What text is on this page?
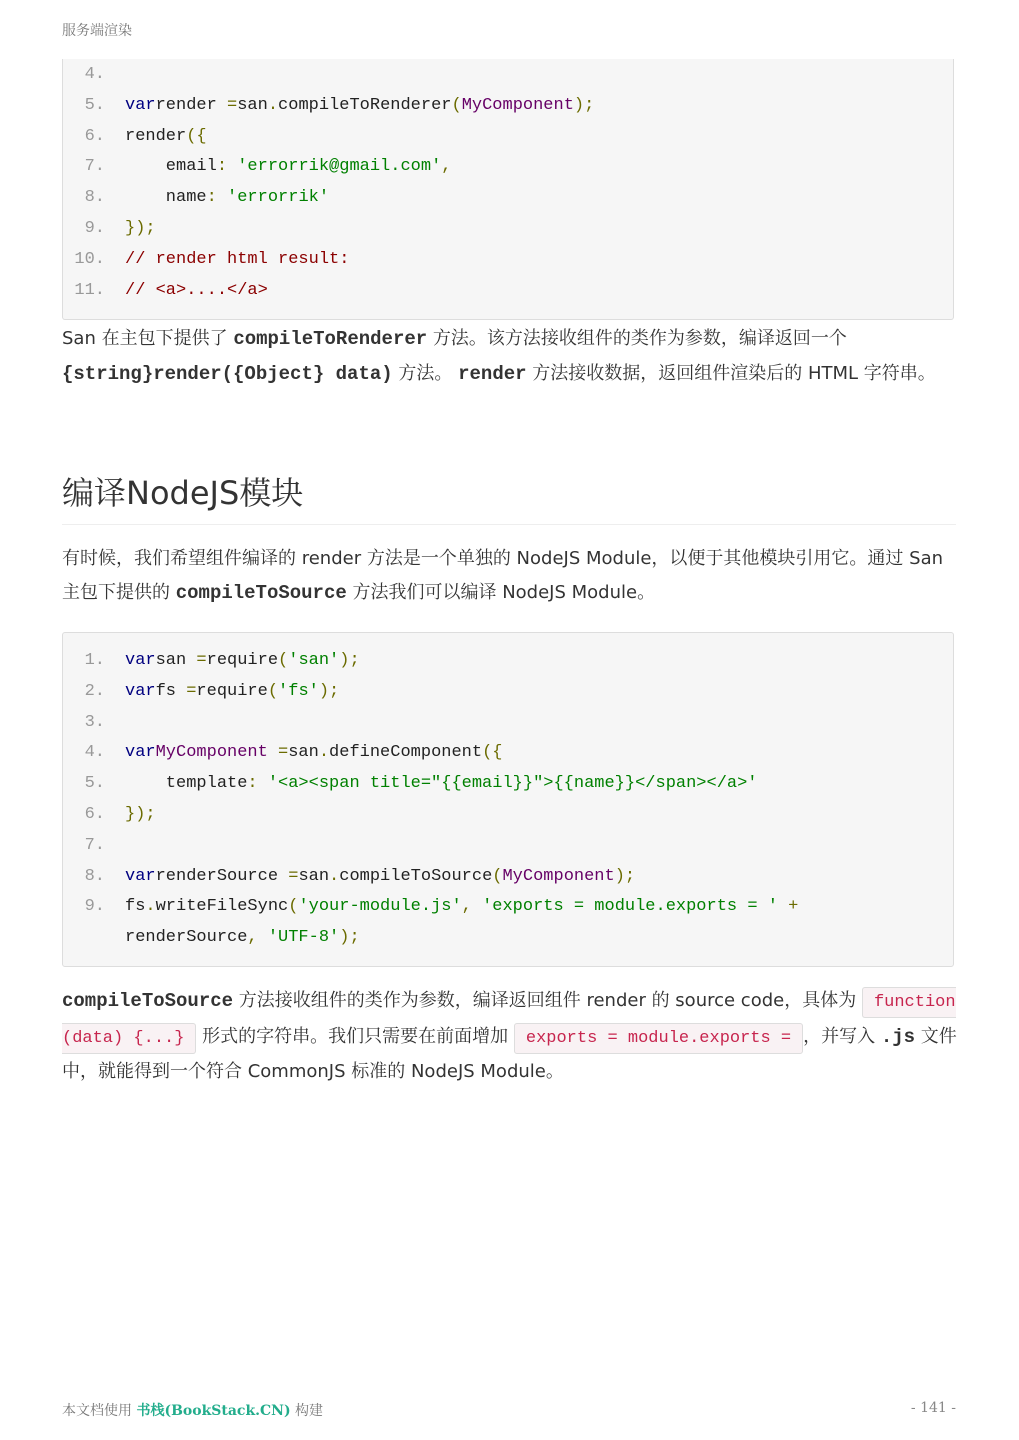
服务端渲染
4.
5. varrender =san.compileToRenderer(MyComponent);
6. render({
7. email: 'errorrik@gmail.com',
8. name: 'errorrik'
9. });
10. // render html result:
11. // <a>....</a>

San 在主包下提供了 compileToRenderer 方法。该方法接收组件的类作为参数，编译返回一个 {string}render({Object} data) 方法。 render 方法接收数据，返回组件渲染后的 HTML 字符串。

编译NodeJS模块

有时候，我们希望组件编译的 render 方法是一个单独的 NodeJS Module，以便于其他模块引用它。通过 San 主包下提供的 compileToSource 方法我们可以编译 NodeJS Module。

1. varsan =require('san');
2. varfs =require('fs');
3.
4. varMyComponent =san.defineComponent({
5. template: '<a><span title="{{email}}">{{name}}</span></a>'
6. });
7.
8. varrenderSource =san.compileToSource(MyComponent);
9. fs.writeFileSync('your-module.js', 'exports = module.exports = ' +
renderSource, 'UTF-8');

compileToSource 方法接收组件的类作为参数，编译返回组件 render 的 source code，具体为 function (data) {...} 形式的字符串。我们只需要在前面增加 exports = module.exports = ，并写入 .js 文件中，就能得到一个符合 CommonJS 标准的 NodeJS Module。

本文档使用 书栈(BookStack.CN) 构建	- 141 -
